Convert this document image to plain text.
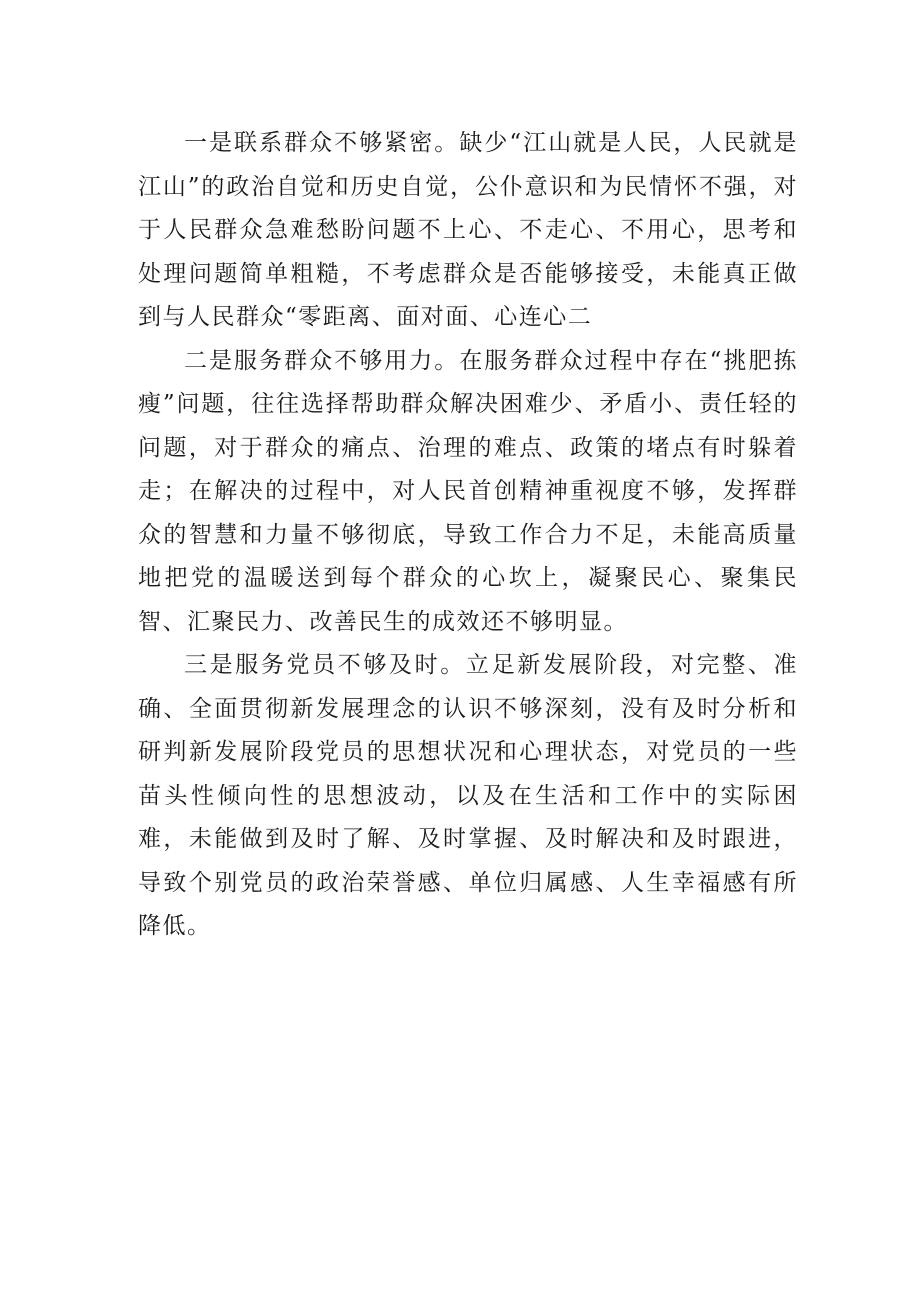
一是联系群众不够紧密。缺少“江山就是人民，人民就是江山”的政治自觉和历史自觉，公仆意识和为民情怀不强，对于人民群众急难愁盼问题不上心、不走心、不用心，思考和处理问题简单粗糙，不考虑群众是否能够接受，未能真正做到与人民群众“零距离、面对面、心连心二

二是服务群众不够用力。在服务群众过程中存在“挑肥拣瘦”问题，往往选择帮助群众解决困难少、矛盾小、责任轻的问题，对于群众的痛点、治理的难点、政策的堵点有时躲着走；在解决的过程中，对人民首创精神重视度不够，发挥群众的智慧和力量不够彻底，导致工作合力不足，未能高质量地把党的温暖送到每个群众的心坎上，凝聚民心、聚集民智、汇聚民力、改善民生的成效还不够明显。

三是服务党员不够及时。立足新发展阶段，对完整、准确、全面贯彻新发展理念的认识不够深刻，没有及时分析和研判新发展阶段党员的思想状况和心理状态，对党员的一些苗头性倾向性的思想波动，以及在生活和工作中的实际困难，未能做到及时了解、及时掌握、及时解决和及时跟进，导致个别党员的政治荣誉感、单位归属感、人生幸福感有所降低。
